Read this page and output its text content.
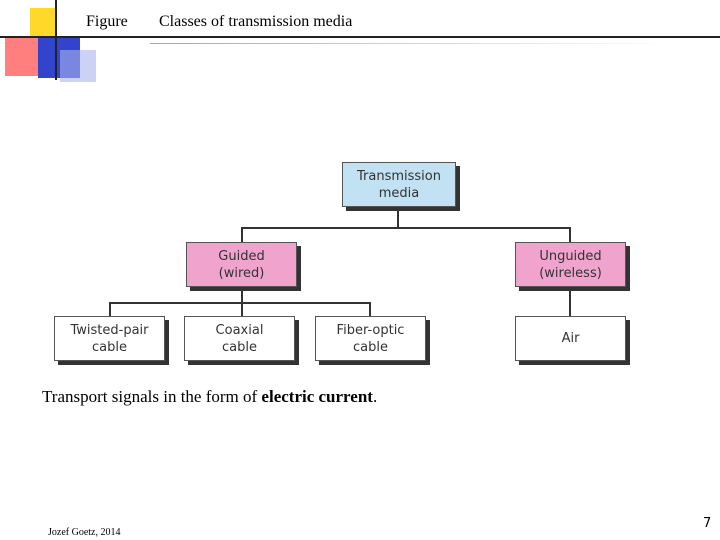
Figure Classes of transmission media
Transmission
media
Guided
(wired)
Unguided
(wireless)
Twisted-pair
cable
Coaxial
cable
Fiber-optic
cable
Air
Transport signals in the form of electric current.
Jozef Goetz, 2014
7
